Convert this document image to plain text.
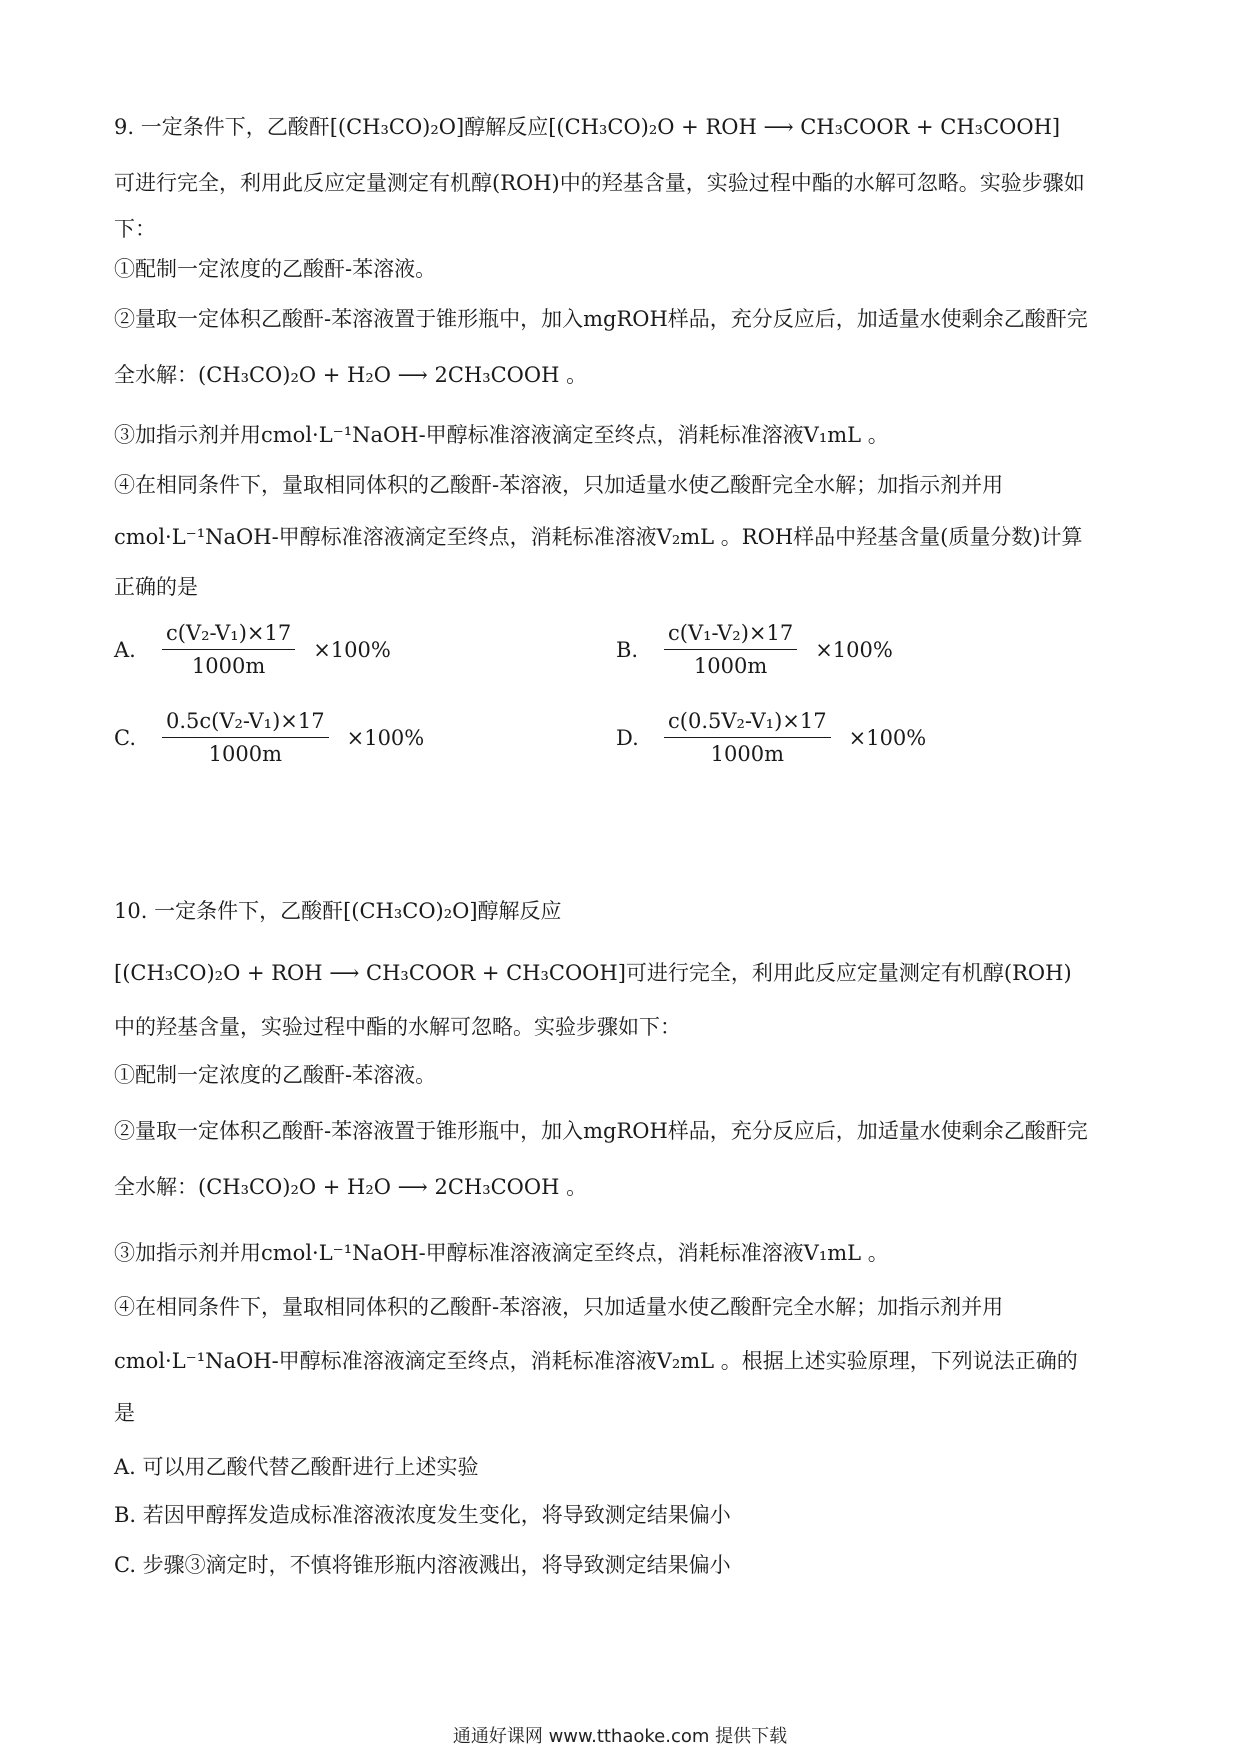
9. 一定条件下，乙酸酐[(CH₃CO)₂O]醇解反应[(CH₃CO)₂O + ROH ⟶ CH₃COOR + CH₃COOH]
可进行完全，利用此反应定量测定有机醇(ROH)中的羟基含量，实验过程中酯的水解可忽略。实验步骤如
下：
①配制一定浓度的乙酸酐-苯溶液。
②量取一定体积乙酸酐-苯溶液置于锥形瓶中，加入mgROH样品，充分反应后，加适量水使剩余乙酸酐完
全水解：(CH₃CO)₂O + H₂O ⟶ 2CH₃COOH 。
③加指示剂并用cmol·L⁻¹NaOH-甲醇标准溶液滴定至终点，消耗标准溶液V₁mL 。
④在相同条件下，量取相同体积的乙酸酐-苯溶液，只加适量水使乙酸酐完全水解；加指示剂并用
cmol·L⁻¹NaOH-甲醇标准溶液滴定至终点，消耗标准溶液V₂mL 。ROH样品中羟基含量(质量分数)计算
正确的是
A.	$\frac{\text{c(V₂-V₁)×17}}{1000m} \times 100\%$	B.	$\frac{\text{c(V₁-V₂)×17}}{1000m} \times 100\%$
C.	$\frac{\text{0.5c(V₂-V₁)×17}}{1000m} \times 100\%$	D.	$\frac{\text{c(0.5V₂-V₁)×17}}{1000m} \times 100\%$
10. 一定条件下，乙酸酐[(CH₃CO)₂O]醇解反应
[(CH₃CO)₂O + ROH ⟶ CH₃COOR + CH₃COOH]可进行完全，利用此反应定量测定有机醇(ROH)
中的羟基含量，实验过程中酯的水解可忽略。实验步骤如下：
①配制一定浓度的乙酸酐-苯溶液。
②量取一定体积乙酸酐-苯溶液置于锥形瓶中，加入mgROH样品，充分反应后，加适量水使剩余乙酸酐完
全水解：(CH₃CO)₂O + H₂O ⟶ 2CH₃COOH 。
③加指示剂并用cmol·L⁻¹NaOH-甲醇标准溶液滴定至终点，消耗标准溶液V₁mL 。
④在相同条件下，量取相同体积的乙酸酐-苯溶液，只加适量水使乙酸酐完全水解；加指示剂并用
cmol·L⁻¹NaOH-甲醇标准溶液滴定至终点，消耗标准溶液V₂mL 。根据上述实验原理，下列说法正确的
是
A. 可以用乙酸代替乙酸酐进行上述实验
B. 若因甲醇挥发造成标准溶液浓度发生变化，将导致测定结果偏小
C. 步骤③滴定时，不慎将锥形瓶内溶液溅出，将导致测定结果偏小
通通好课网 www.tthaoke.com 提供下载
